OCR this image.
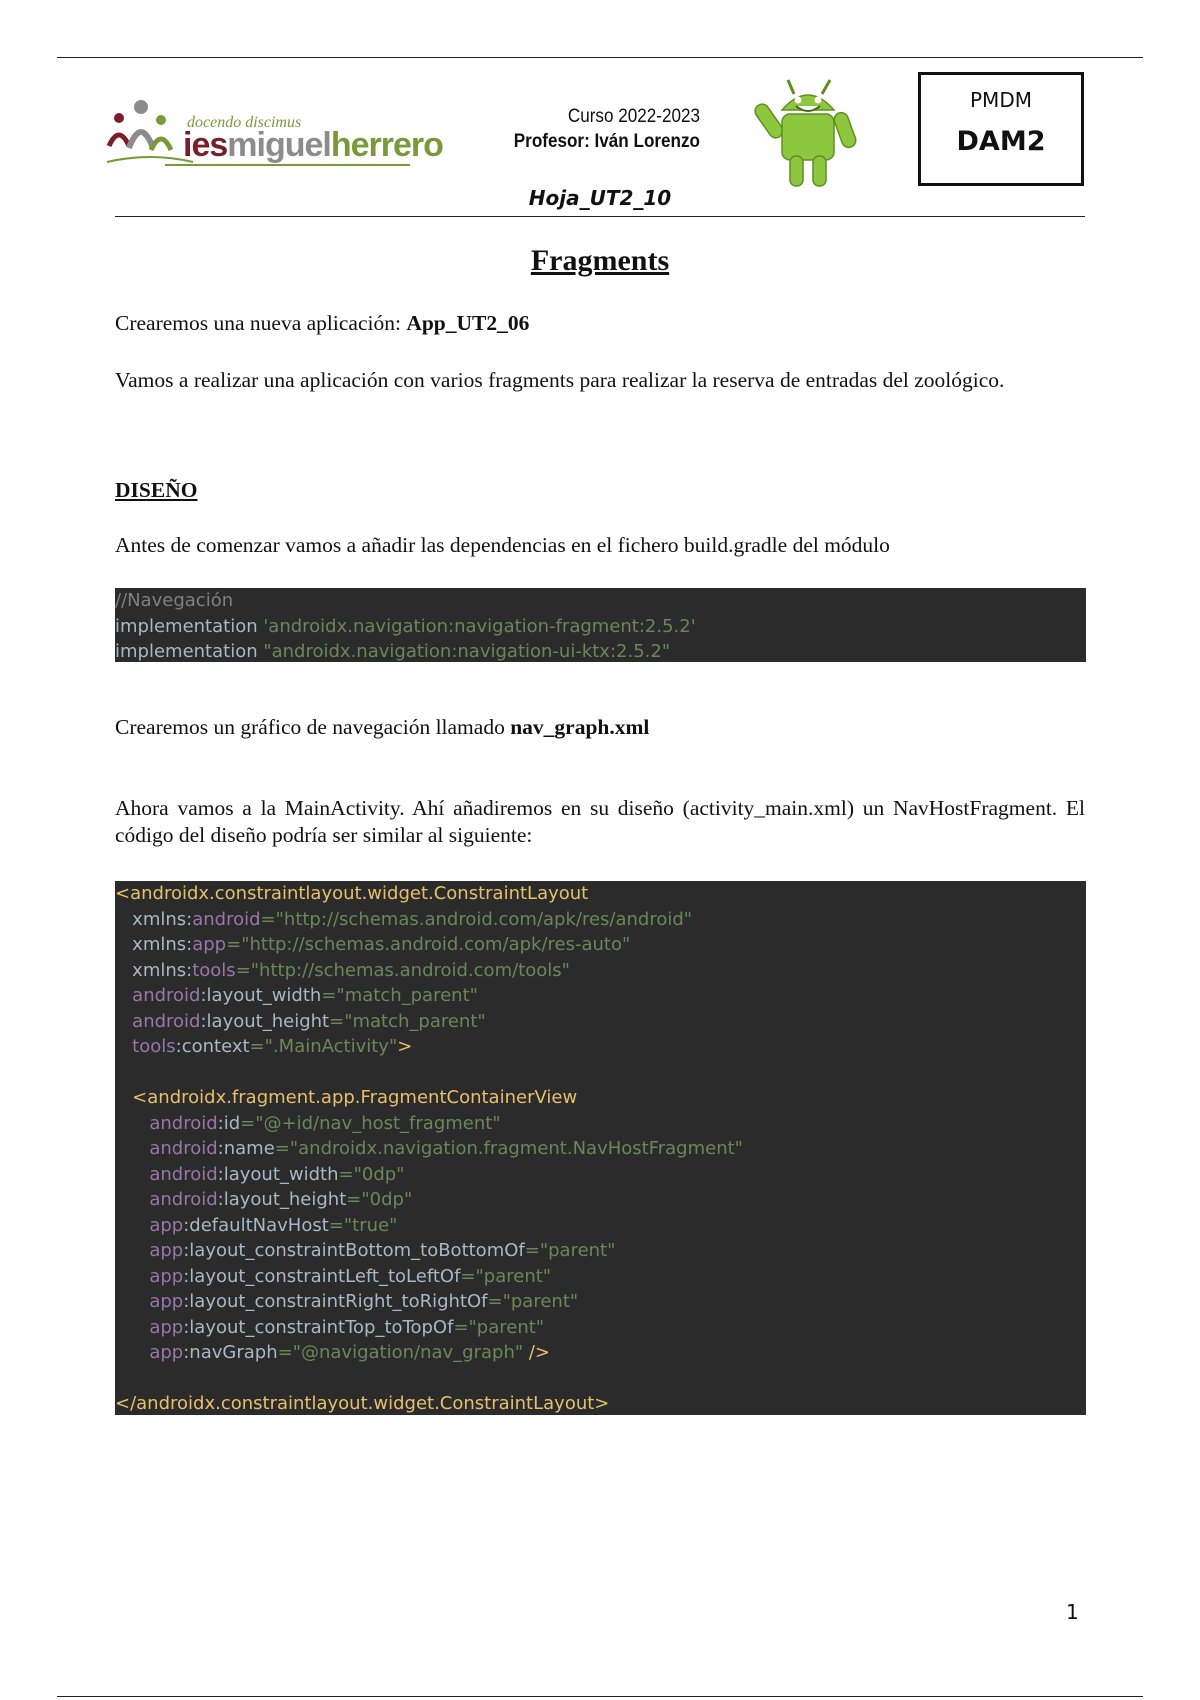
docendo discimus
iesmiguelherrero
Curso 2022-2023
Profesor: Iván Lorenzo
PMDM
DAM2
Hoja_UT2_10
Fragments
Crearemos una nueva aplicación: App_UT2_06
Vamos a realizar una aplicación con varios fragments para realizar la reserva de entradas del zoológico.
DISEÑO
Antes de comenzar vamos a añadir las dependencias en el fichero build.gradle del módulo
//Navegación
implementation 'androidx.navigation:navigation-fragment:2.5.2'
implementation "androidx.navigation:navigation-ui-ktx:2.5.2"
Crearemos un gráfico de navegación llamado nav_graph.xml
Ahora vamos a la MainActivity. Ahí añadiremos en su diseño (activity_main.xml) un NavHostFragment. El código del diseño podría ser similar al siguiente:
<androidx.constraintlayout.widget.ConstraintLayout
xmlns:android="http://schemas.android.com/apk/res/android"
xmlns:app="http://schemas.android.com/apk/res-auto"
xmlns:tools="http://schemas.android.com/tools"
android:layout_width="match_parent"
android:layout_height="match_parent"
tools:context=".MainActivity">

<androidx.fragment.app.FragmentContainerView
android:id="@+id/nav_host_fragment"
android:name="androidx.navigation.fragment.NavHostFragment"
android:layout_width="0dp"
android:layout_height="0dp"
app:defaultNavHost="true"
app:layout_constraintBottom_toBottomOf="parent"
app:layout_constraintLeft_toLeftOf="parent"
app:layout_constraintRight_toRightOf="parent"
app:layout_constraintTop_toTopOf="parent"
app:navGraph="@navigation/nav_graph" />

</androidx.constraintlayout.widget.ConstraintLayout>
1
